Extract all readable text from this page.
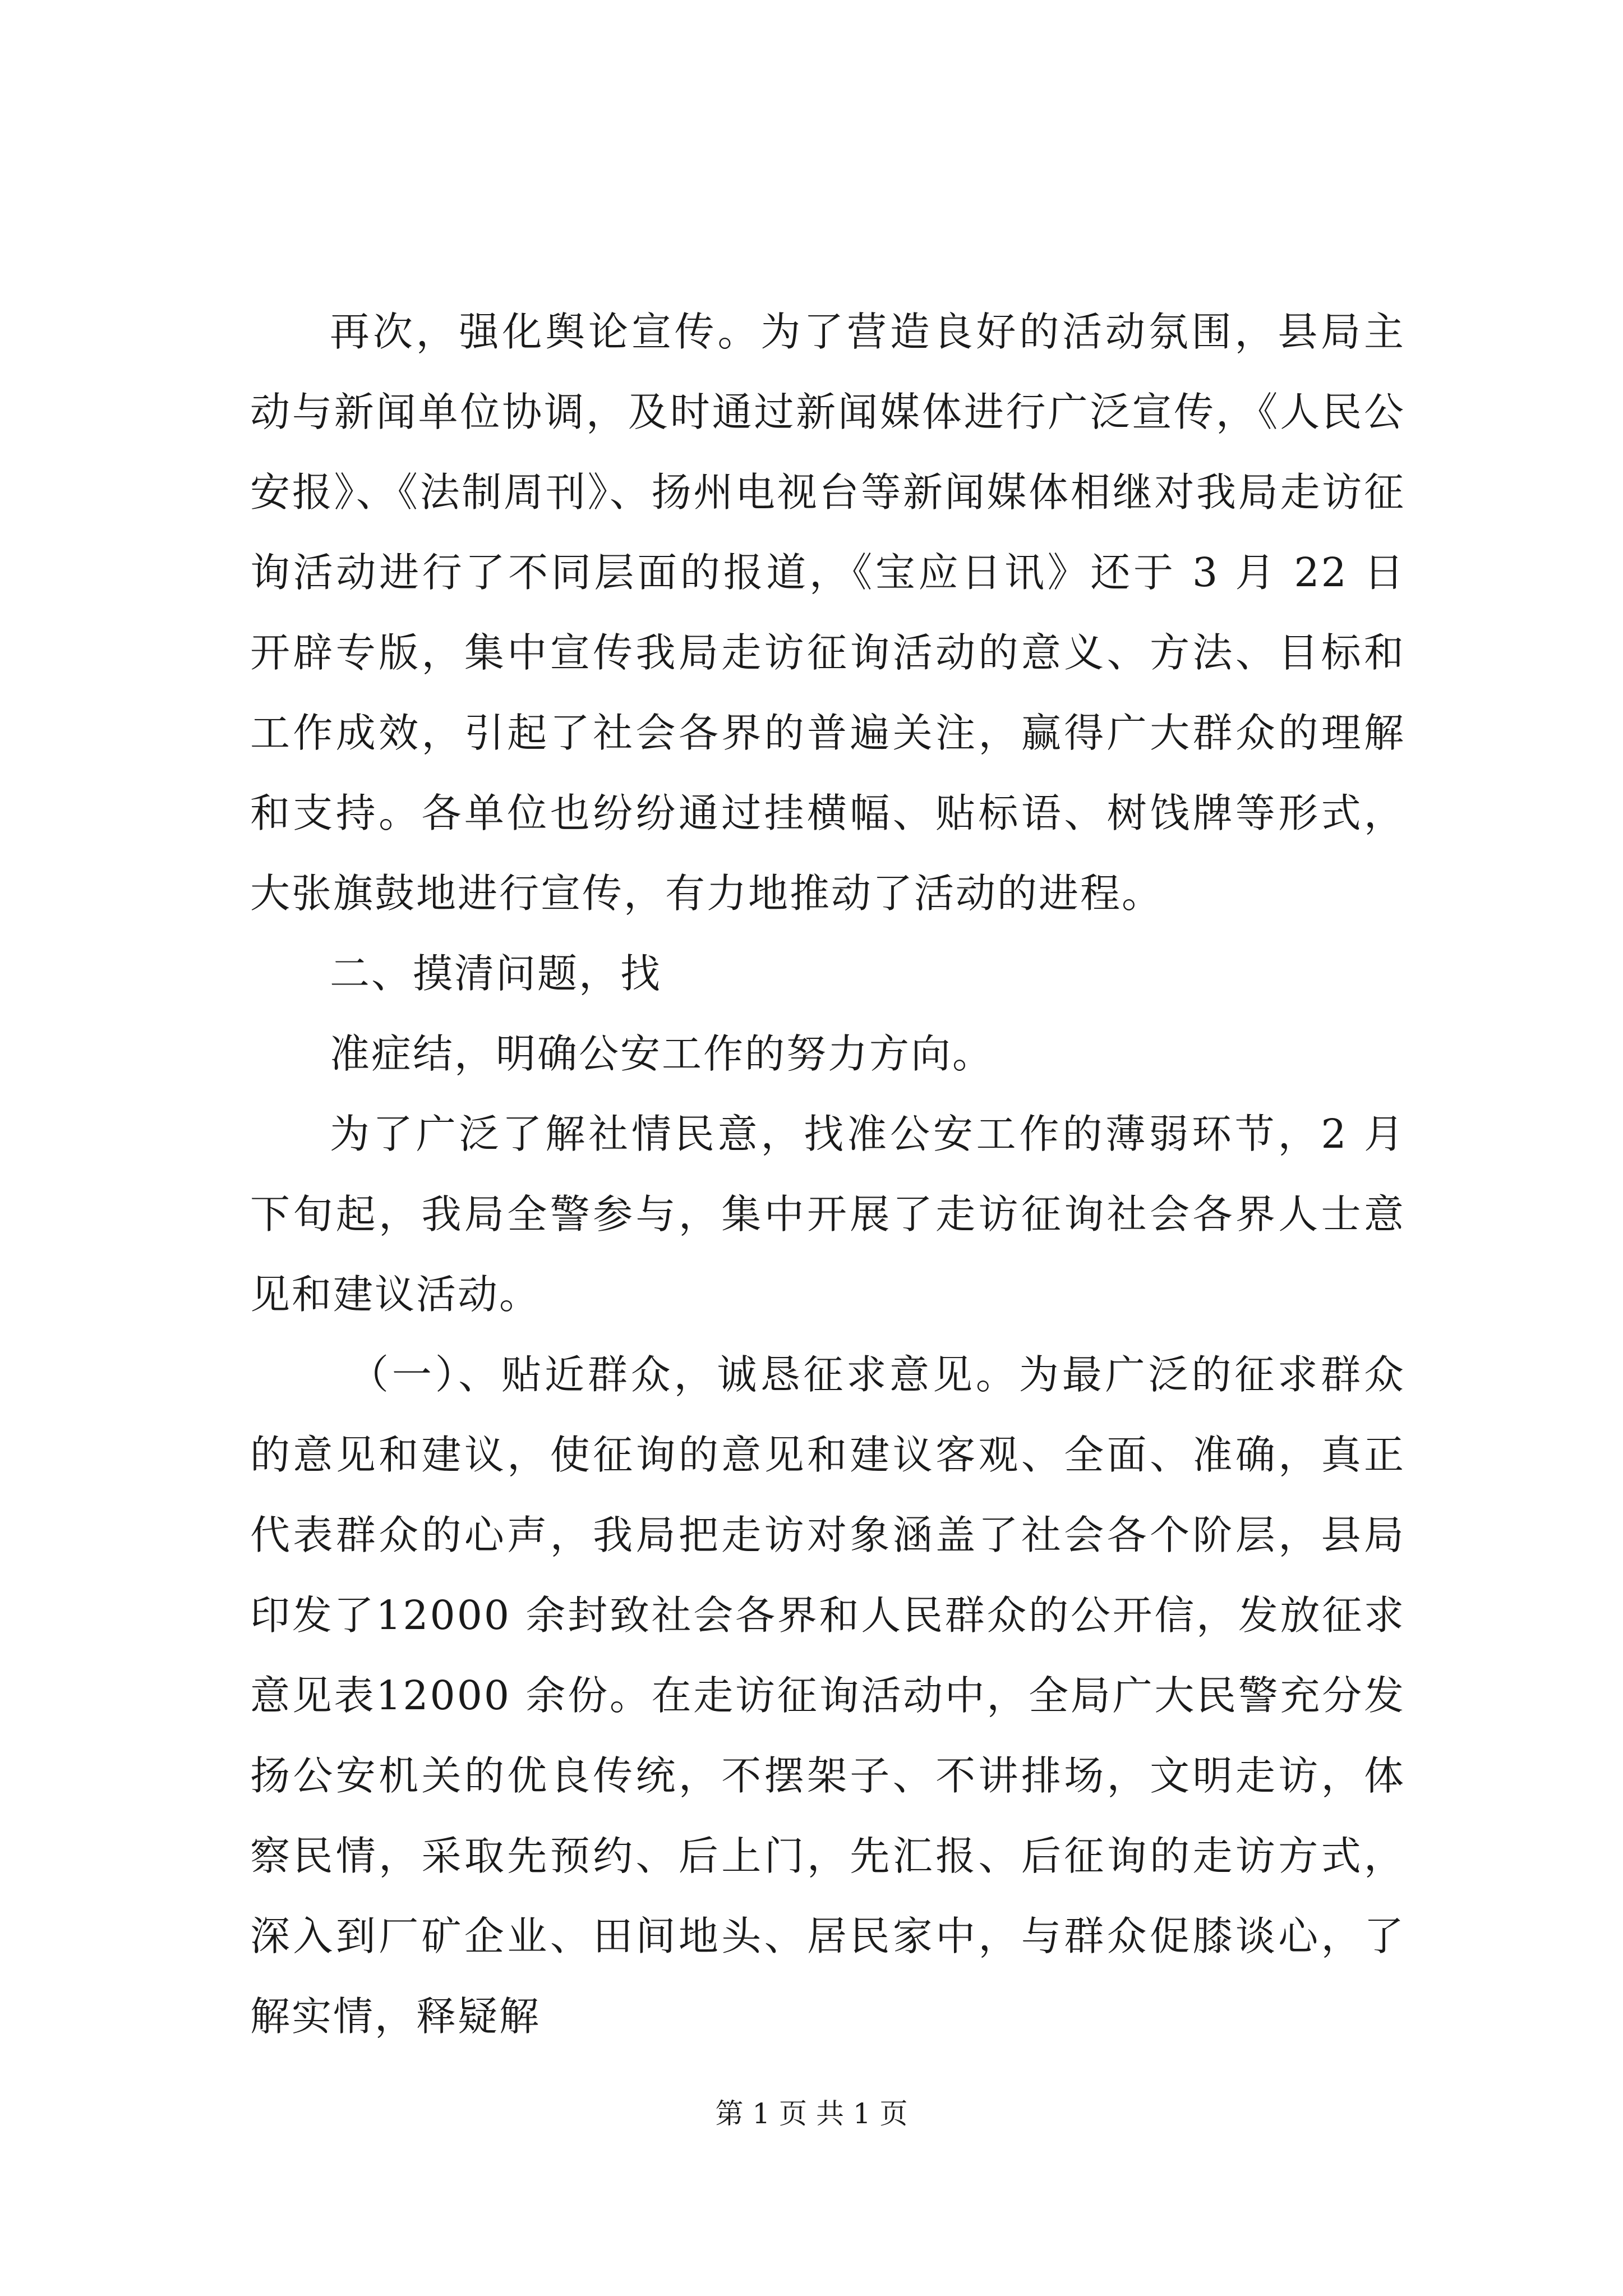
再次，强化舆论宣传。为了营造良好的活动氛围，县局主动与新闻单位协调，及时通过新闻媒体进行广泛宣传，《人民公安报》、《法制周刊》、扬州电视台等新闻媒体相继对我局走访征询活动进行了不同层面的报道，《宝应日讯》还于 3 月 22 日开辟专版，集中宣传我局走访征询活动的意义、方法、目标和工作成效，引起了社会各界的普遍关注，赢得广大群众的理解和支持。各单位也纷纷通过挂横幅、贴标语、树饯牌等形式，大张旗鼓地进行宣传，有力地推动了活动的进程。

二、摸清问题，找

准症结，明确公安工作的努力方向。

为了广泛了解社情民意，找准公安工作的薄弱环节，2 月下旬起，我局全警参与，集中开展了走访征询社会各界人士意见和建议活动。

（一）、贴近群众，诚恳征求意见。为最广泛的征求群众的意见和建议，使征询的意见和建议客观、全面、准确，真正代表群众的心声，我局把走访对象涵盖了社会各个阶层，县局印发了12000 余封致社会各界和人民群众的公开信，发放征求意见表12000 余份。在走访征询活动中，全局广大民警充分发扬公安机关的优良传统，不摆架子、不讲排场，文明走访，体察民情，采取先预约、后上门，先汇报、后征询的走访方式，深入到厂矿企业、田间地头、居民家中，与群众促膝谈心，了解实情，释疑解

第 1 页 共 1 页
